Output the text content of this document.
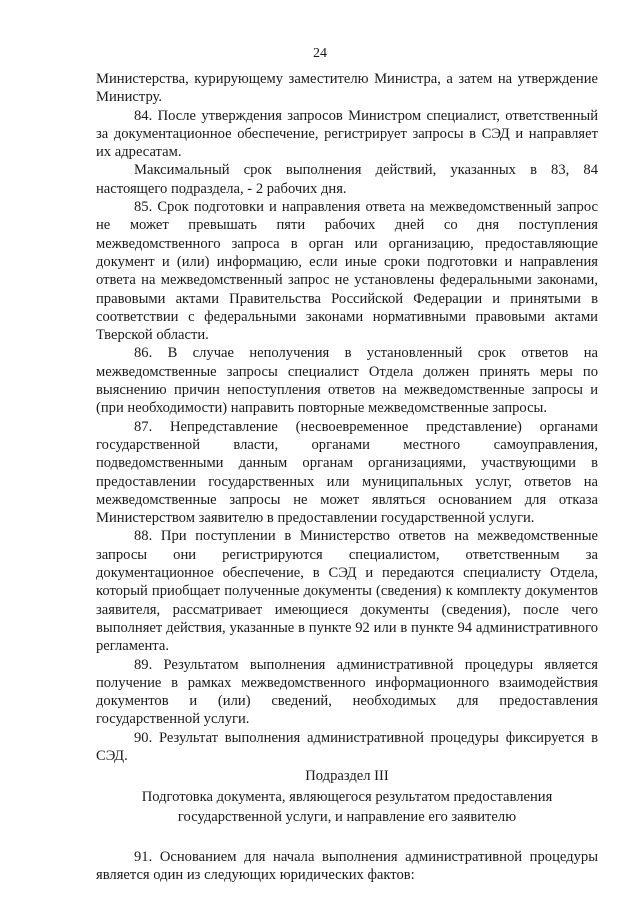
24

Министерства, курирующему заместителю Министра, а затем на утверждение Министру.

84. После утверждения запросов Министром специалист, ответственный за документационное обеспечение, регистрирует запросы в СЭД и направляет их адресатам.

Максимальный срок выполнения действий, указанных в 83, 84 настоящего подраздела, - 2 рабочих дня.

85. Срок подготовки и направления ответа на межведомственный запрос не может превышать пяти рабочих дней со дня поступления межведомственного запроса в орган или организацию, предоставляющие документ и (или) информацию, если иные сроки подготовки и направления ответа на межведомственный запрос не установлены федеральными законами, правовыми актами Правительства Российской Федерации и принятыми в соответствии с федеральными законами нормативными правовыми актами Тверской области.

86. В случае неполучения в установленный срок ответов на межведомственные запросы специалист Отдела должен принять меры по выяснению причин непоступления ответов на межведомственные запросы и (при необходимости) направить повторные межведомственные запросы.

87. Непредставление (несвоевременное представление) органами государственной власти, органами местного самоуправления, подведомственными данным органам организациями, участвующими в предоставлении государственных или муниципальных услуг, ответов на межведомственные запросы не может являться основанием для отказа Министерством заявителю в предоставлении государственной услуги.

88. При поступлении в Министерство ответов на межведомственные запросы они регистрируются специалистом, ответственным за документационное обеспечение, в СЭД и передаются специалисту Отдела, который приобщает полученные документы (сведения) к комплекту документов заявителя, рассматривает имеющиеся документы (сведения), после чего выполняет действия, указанные в пункте 92 или в пункте 94 административного регламента.

89. Результатом выполнения административной процедуры является получение в рамках межведомственного информационного взаимодействия документов и (или) сведений, необходимых для предоставления государственной услуги.

90. Результат выполнения административной процедуры фиксируется в СЭД.

Подраздел III
Подготовка документа, являющегося результатом предоставления
государственной услуги, и направление его заявителю

91. Основанием для начала выполнения административной процедуры является один из следующих юридических фактов:
